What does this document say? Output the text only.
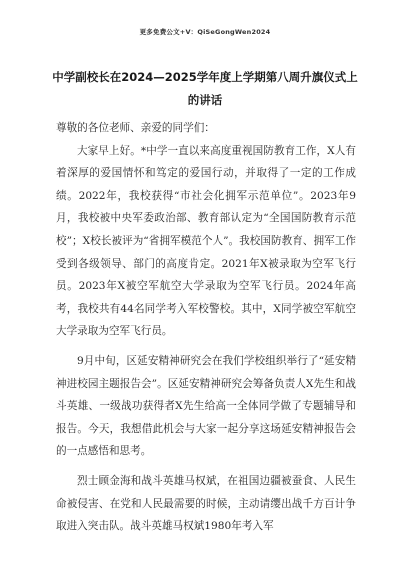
更多免费公文+V：QiSeGongWen2024
中学副校长在2024—2025学年度上学期第八周升旗仪式上的讲话

尊敬的各位老师、亲爱的同学们：

大家早上好。*中学一直以来高度重视国防教育工作，X人有着深厚的爱国情怀和笃定的爱国行动，并取得了一定的工作成绩。2022年，我校获得“市社会化拥军示范单位”。2023年9月，我校被中央军委政治部、教育部认定为“全国国防教育示范校”；X校长被评为“省拥军模范个人”。我校国防教育、拥军工作受到各级领导、部门的高度肯定。2021年X被录取为空军飞行员。2023年X被空军航空大学录取为空军飞行员。2024年高考，我校共有44名同学考入军校警校。其中，X同学被空军航空大学录取为空军飞行员。

9月中旬，区延安精神研究会在我们学校组织举行了“延安精神进校园主题报告会”。区延安精神研究会筹备负责人X先生和战斗英雄、一级战功获得者X先生给高一全体同学做了专题辅导和报告。今天，我想借此机会与大家一起分享这场延安精神报告会的一点感悟和思考。

烈士顾金海和战斗英雄马权斌，在祖国边疆被蚕食、人民生命被侵害、在党和人民最需要的时候，主动请缨出战千方百计争取进入突击队。战斗英雄马权斌1980年考入军
